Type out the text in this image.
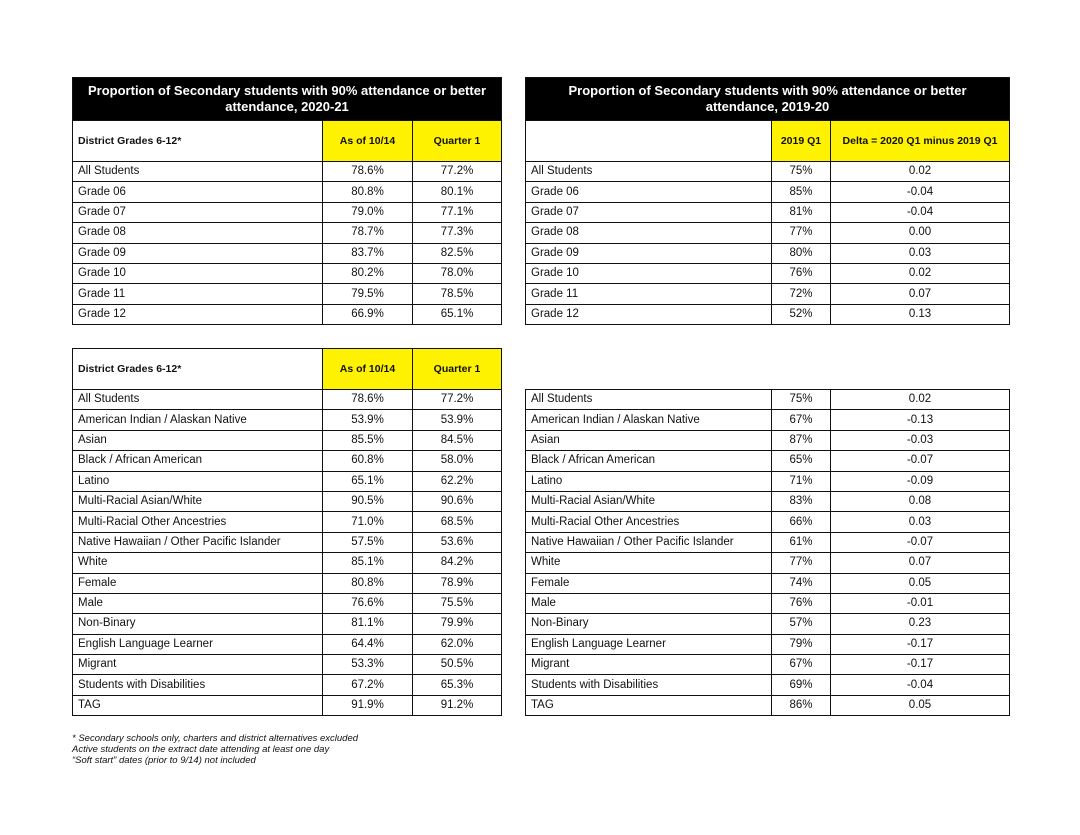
Proportion of Secondary students with 90% attendance or better attendance, 2020-21		
District Grades 6-12*	As of 10/14	Quarter 1
All Students	78.6%	77.2%
Grade 06	80.8%	80.1%
Grade 07	79.0%	77.1%
Grade 08	78.7%	77.3%
Grade 09	83.7%	82.5%
Grade 10	80.2%	78.0%
Grade 11	79.5%	78.5%
Grade 12	66.9%	65.1%
Proportion of Secondary students with 90% attendance or better attendance, 2019-20		
	2019 Q1	Delta = 2020 Q1 minus 2019 Q1
All Students	75%	0.02
Grade 06	85%	-0.04
Grade 07	81%	-0.04
Grade 08	77%	0.00
Grade 09	80%	0.03
Grade 10	76%	0.02
Grade 11	72%	0.07
Grade 12	52%	0.13
District Grades 6-12*	As of 10/14	Quarter 1
All Students	78.6%	77.2%
American Indian / Alaskan Native	53.9%	53.9%
Asian	85.5%	84.5%
Black / African American	60.8%	58.0%
Latino	65.1%	62.2%
Multi-Racial Asian/White	90.5%	90.6%
Multi-Racial Other Ancestries	71.0%	68.5%
Native Hawaiian / Other Pacific Islander	57.5%	53.6%
White	85.1%	84.2%
Female	80.8%	78.9%
Male	76.6%	75.5%
Non-Binary	81.1%	79.9%
English Language Learner	64.4%	62.0%
Migrant	53.3%	50.5%
Students with Disabilities	67.2%	65.3%
TAG	91.9%	91.2%
All Students	75%	0.02
American Indian / Alaskan Native	67%	-0.13
Asian	87%	-0.03
Black / African American	65%	-0.07
Latino	71%	-0.09
Multi-Racial Asian/White	83%	0.08
Multi-Racial Other Ancestries	66%	0.03
Native Hawaiian / Other Pacific Islander	61%	-0.07
White	77%	0.07
Female	74%	0.05
Male	76%	-0.01
Non-Binary	57%	0.23
English Language Learner	79%	-0.17
Migrant	67%	-0.17
Students with Disabilities	69%	-0.04
TAG	86%	0.05
* Secondary schools only, charters and district alternatives excluded
Active students on the extract date attending at least one day
“Soft start” dates (prior to 9/14) not included
